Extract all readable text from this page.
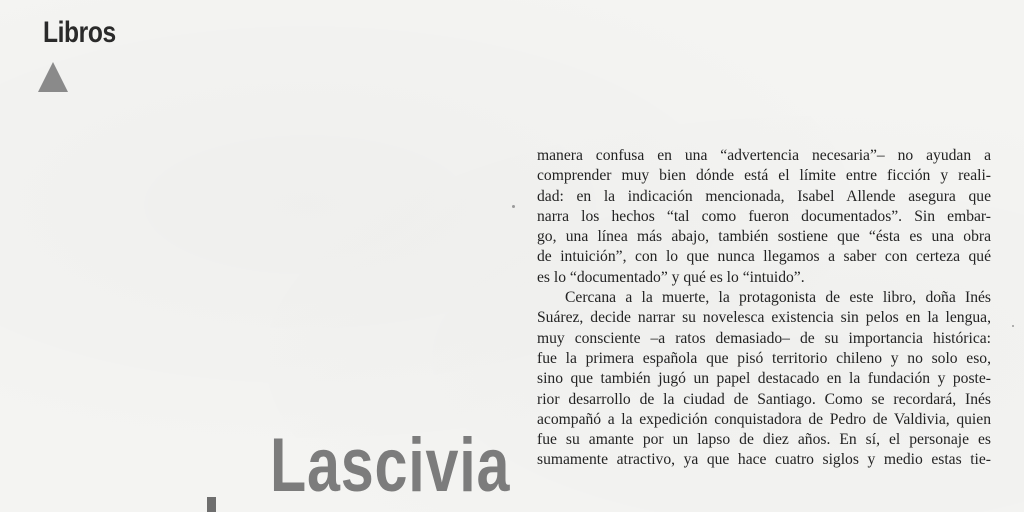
Libros
manera confusa en una “advertencia necesaria”– no ayudan a
comprender muy bien dónde está el límite entre ficción y reali-
dad: en la indicación mencionada, Isabel Allende asegura que
narra los hechos “tal como fueron documentados”. Sin embar-
go, una línea más abajo, también sostiene que “ésta es una obra
de intuición”, con lo que nunca llegamos a saber con certeza qué
es lo “documentado” y qué es lo “intuido”.
Cercana a la muerte, la protagonista de este libro, doña Inés
Suárez, decide narrar su novelesca existencia sin pelos en la lengua,
muy consciente –a ratos demasiado– de su importancia histórica:
fue la primera española que pisó territorio chileno y no solo eso,
sino que también jugó un papel destacado en la fundación y poste-
rior desarrollo de la ciudad de Santiago. Como se recordará, Inés
acompañó a la expedición conquistadora de Pedro de Valdivia, quien
fue su amante por un lapso de diez años. En sí, el personaje es
sumamente atractivo, ya que hace cuatro siglos y medio estas tie-
Lascivia
